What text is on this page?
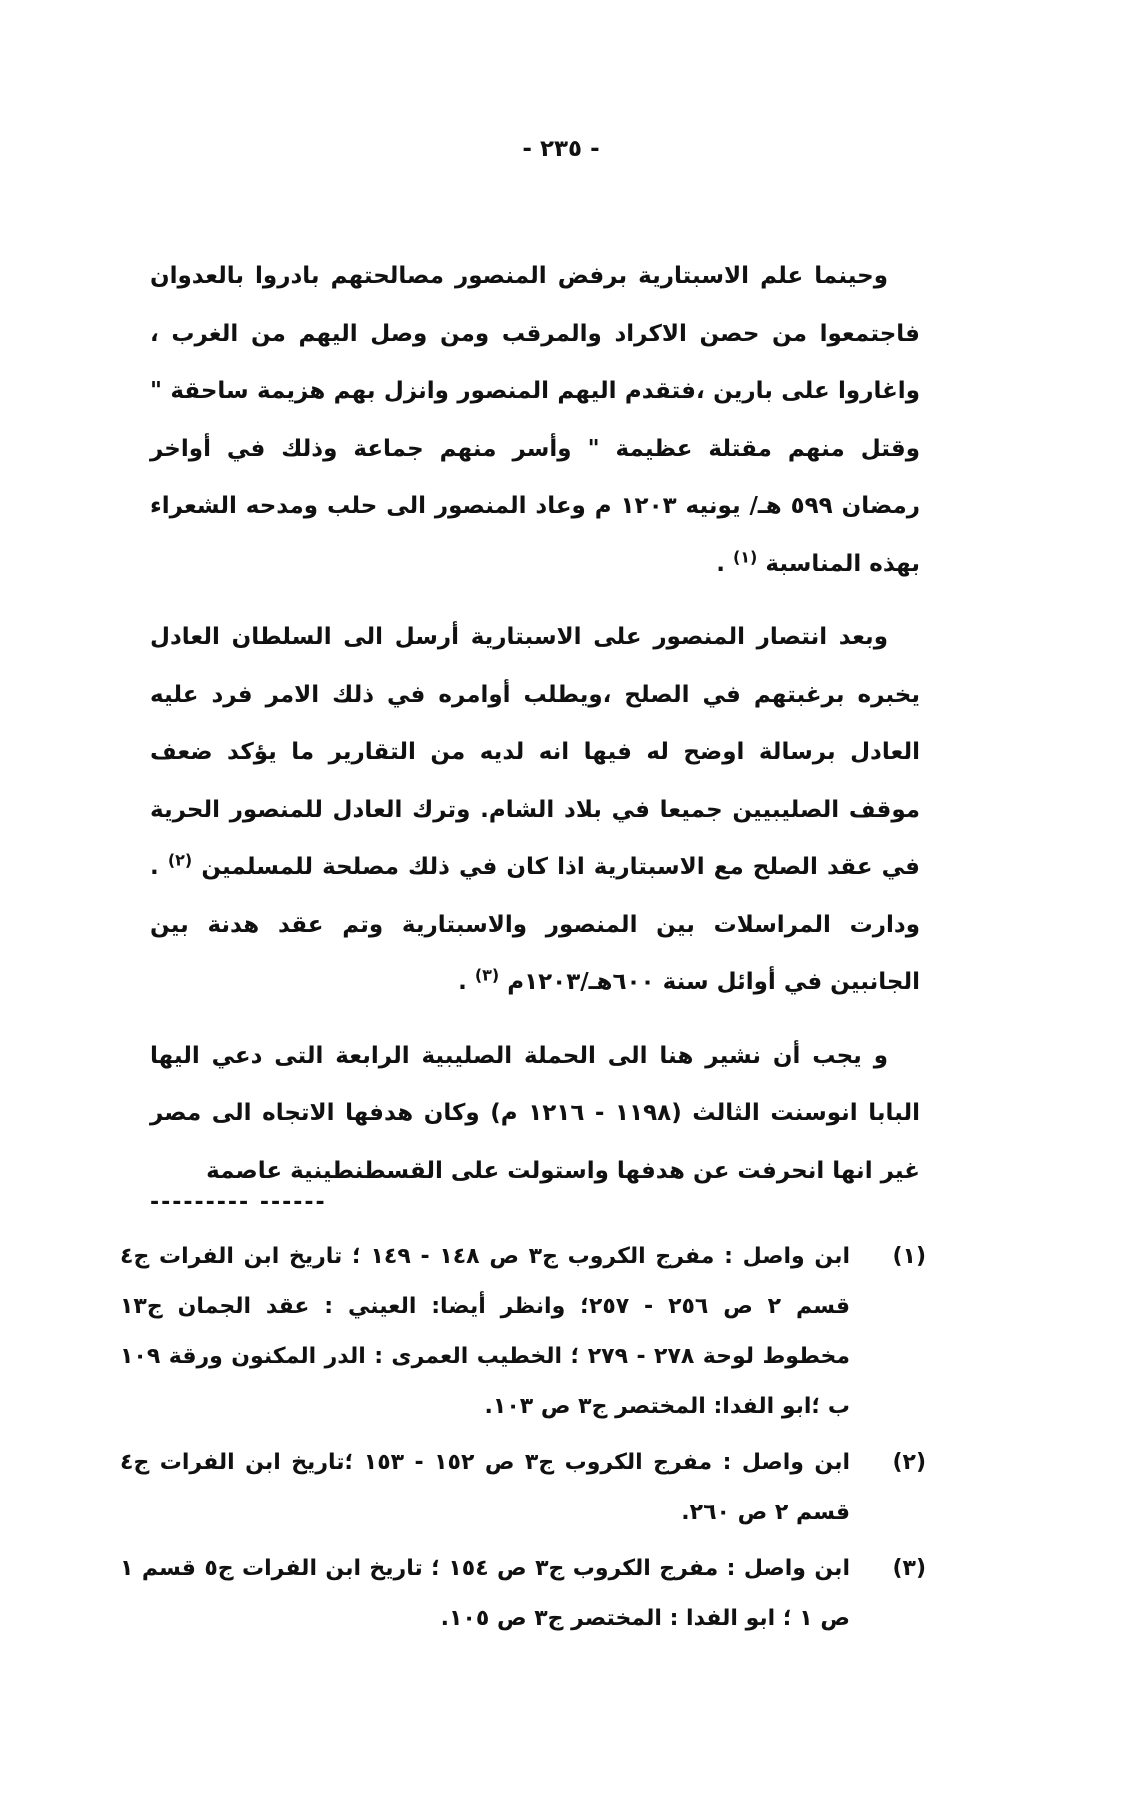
- ٢٣٥ -

وحينما علم الاسبتارية برفض المنصور مصالحتهم بادروا بالعدوان فاجتمعوا من حصن الاكراد والمرقب ومن وصل اليهم من الغرب ، واغاروا على بارين ،فتقدم اليهم المنصور وانزل بهم هزيمة ساحقة " وقتل منهم مقتلة عظيمة " وأسر منهم جماعة وذلك في أواخر رمضان ٥٩٩ هـ/ يونيه ١٢٠٣ م وعاد المنصور الى حلب ومدحه الشعراء بهذه المناسبة $^{(١)}$ .

وبعد انتصار المنصور على الاسبتارية أرسل الى السلطان العادل يخبره برغبتهم في الصلح ،ويطلب أوامره في ذلك الامر فرد عليه العادل برسالة اوضح له فيها انه لديه من التقارير ما يؤكد ضعف موقف الصليبيين جميعا في بلاد الشام. وترك العادل للمنصور الحرية في عقد الصلح مع الاسبتارية اذا كان في ذلك مصلحة للمسلمين $^{(٢)}$ . ودارت المراسلات بين المنصور والاسبتارية وتم عقد هدنة بين الجانبين في أوائل سنة ٦٠٠هـ/١٢٠٣م $^{(٣)}$ .

و يجب أن نشير هنا الى الحملة الصليبية الرابعة التى دعي اليها البابا انوسنت الثالث (١١٩٨ - ١٢١٦ م) وكان هدفها الاتجاه الى مصر غير انها انحرفت عن هدفها واستولت على القسطنطينية عاصمة

------ ---------
(١)
ابن واصل : مفرج الكروب ج٣ ص ١٤٨ - ١٤٩ ؛ تاريخ ابن الفرات ج٤ قسم ٢ ص ٢٥٦ - ٢٥٧؛ وانظر أيضا: العيني : عقد الجمان ج١٣ مخطوط لوحة ٢٧٨ - ٢٧٩ ؛ الخطيب العمرى : الدر المكنون ورقة ١٠٩ ب ؛ابو الفدا: المختصر ج٣ ص ١٠٣.
(٢)
ابن واصل : مفرج الكروب ج٣ ص ١٥٢ - ١٥٣ ؛تاريخ ابن الفرات ج٤ قسم ٢ ص ٢٦٠.
(٣)
ابن واصل : مفرج الكروب ج٣ ص ١٥٤ ؛ تاريخ ابن الفرات ج٥ قسم ١ ص ١ ؛ ابو الفدا : المختصر ج٣ ص ١٠٥.
